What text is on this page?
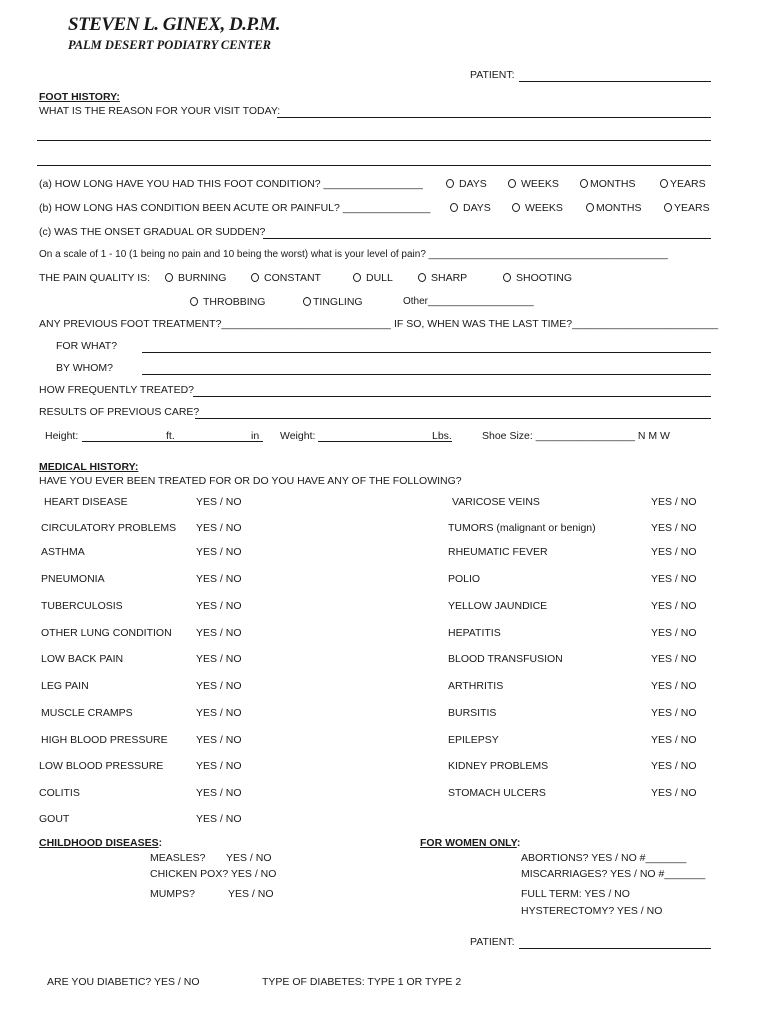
STEVEN L. GINEX, D.P.M.
PALM DESERT PODIATRY CENTER
PATIENT:
FOOT HISTORY:
WHAT IS THE REASON FOR YOUR VISIT TODAY:
(a) HOW LONG HAVE YOU HAD THIS FOOT CONDITION? _________________	DAYS	WEEKS	MONTHS	YEARS
(b) HOW LONG HAS CONDITION BEEN ACUTE OR PAINFUL? _______________	DAYS	WEEKS	MONTHS	YEARS
(c) WAS THE ONSET GRADUAL OR SUDDEN?
On a scale of 1 - 10 (1 being no pain and 10 being the worst) what is your level of pain? ___________________________________________
THE PAIN QUALITY IS:	BURNING	CONSTANT	DULL	SHARP	SHOOTING
THROBBING	TINGLING	Other___________________
ANY PREVIOUS FOOT TREATMENT?_____________________________ IF SO, WHEN WAS THE LAST TIME?_________________________
FOR WHAT?
BY WHOM?
HOW FREQUENTLY TREATED?
RESULTS OF PREVIOUS CARE?
Height:	ft.	in Weight:	Lbs.	Shoe Size: _________________ N M W
MEDICAL HISTORY:
HAVE YOU EVER BEEN TREATED FOR OR DO YOU HAVE ANY OF THE FOLLOWING?
HEART DISEASE	YES / NO
CIRCULATORY PROBLEMS YES / NO
ASTHMA	YES / NO
PNEUMONIA	YES / NO
TUBERCULOSIS	YES / NO
OTHER LUNG CONDITION YES / NO
LOW BACK PAIN	YES / NO
LEG PAIN	YES / NO
MUSCLE CRAMPS	YES / NO
HIGH BLOOD PRESSURE	YES / NO
LOW BLOOD PRESSURE	YES / NO
COLITIS	YES / NO
GOUT	YES / NO
VARICOSE VEINS	YES / NO
TUMORS (malignant or benign)	YES / NO
RHEUMATIC FEVER	YES / NO
POLIO	YES / NO
YELLOW JAUNDICE	YES / NO
HEPATITIS	YES / NO
BLOOD TRANSFUSION	YES / NO
ARTHRITIS	YES / NO
BURSITIS	YES / NO
EPILEPSY	YES / NO
KIDNEY PROBLEMS	YES / NO
STOMACH ULCERS	YES / NO
CHILDHOOD DISEASES:
MEASLES? YES / NO
CHICKEN POX? YES / NO
MUMPS?	YES / NO
FOR WOMEN ONLY:
ABORTIONS? YES / NO #_______
MISCARRIAGES? YES / NO #_______
FULL TERM: YES / NO
HYSTERECTOMY? YES / NO
PATIENT:
ARE YOU DIABETIC? YES / NO	TYPE OF DIABETES: TYPE 1 OR TYPE 2
